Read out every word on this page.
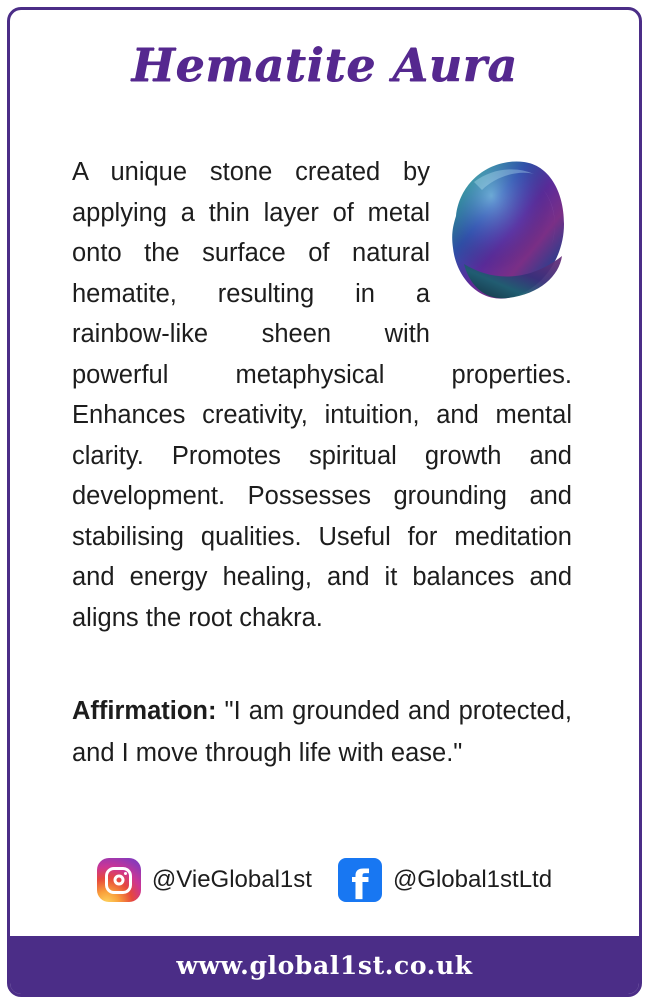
Hematite Aura

A unique stone created by applying a thin layer of metal onto the surface of natural hematite, resulting in a rainbow-like sheen with powerful metaphysical properties. Enhances creativity, intuition, and mental clarity. Promotes spiritual growth and development. Possesses grounding and stabilising qualities. Useful for meditation and energy healing, and it balances and aligns the root chakra.

Affirmation: "I am grounded and protected, and I move through life with ease."

@VieGlobal1st f @Global1stLtd
www.global1st.co.uk
